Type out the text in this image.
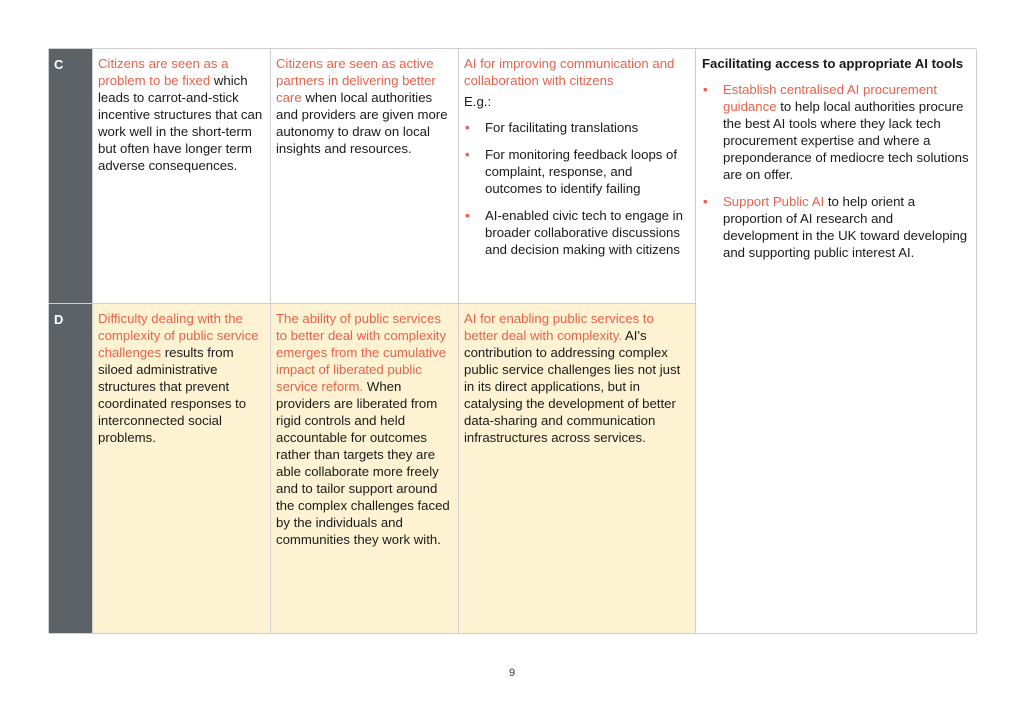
C	Citizens are seen as a problem to be fixed which leads to carrot-and-stick incentive structures that can work well in the short-term but often have longer term adverse consequences.
Citizens are seen as active partners in delivering better care when local authorities and providers are given more autonomy to draw on local insights and resources.
AI for improving communication and collaboration with citizens
E.g.:
• For facilitating translations
• For monitoring feedback loops of complaint, response, and outcomes to identify failing
• AI-enabled civic tech to engage in broader collaborative discussions and decision making with citizens
Facilitating access to appropriate AI tools
• Establish centralised AI procurement guidance to help local authorities procure the best AI tools where they lack tech procurement expertise and where a preponderance of mediocre tech solutions are on offer.
• Support Public AI to help orient a proportion of AI research and development in the UK toward developing and supporting public interest AI.
D	Difficulty dealing with the complexity of public service challenges results from siloed administrative structures that prevent coordinated responses to interconnected social problems.
The ability of public services to better deal with complexity emerges from the cumulative impact of liberated public service reform. When providers are liberated from rigid controls and held accountable for outcomes rather than targets they are able collaborate more freely and to tailor support around the complex challenges faced by the individuals and communities they work with.
AI for enabling public services to better deal with complexity. AI's contribution to addressing complex public service challenges lies not just in its direct applications, but in catalysing the development of better data-sharing and communication infrastructures across services.
9
